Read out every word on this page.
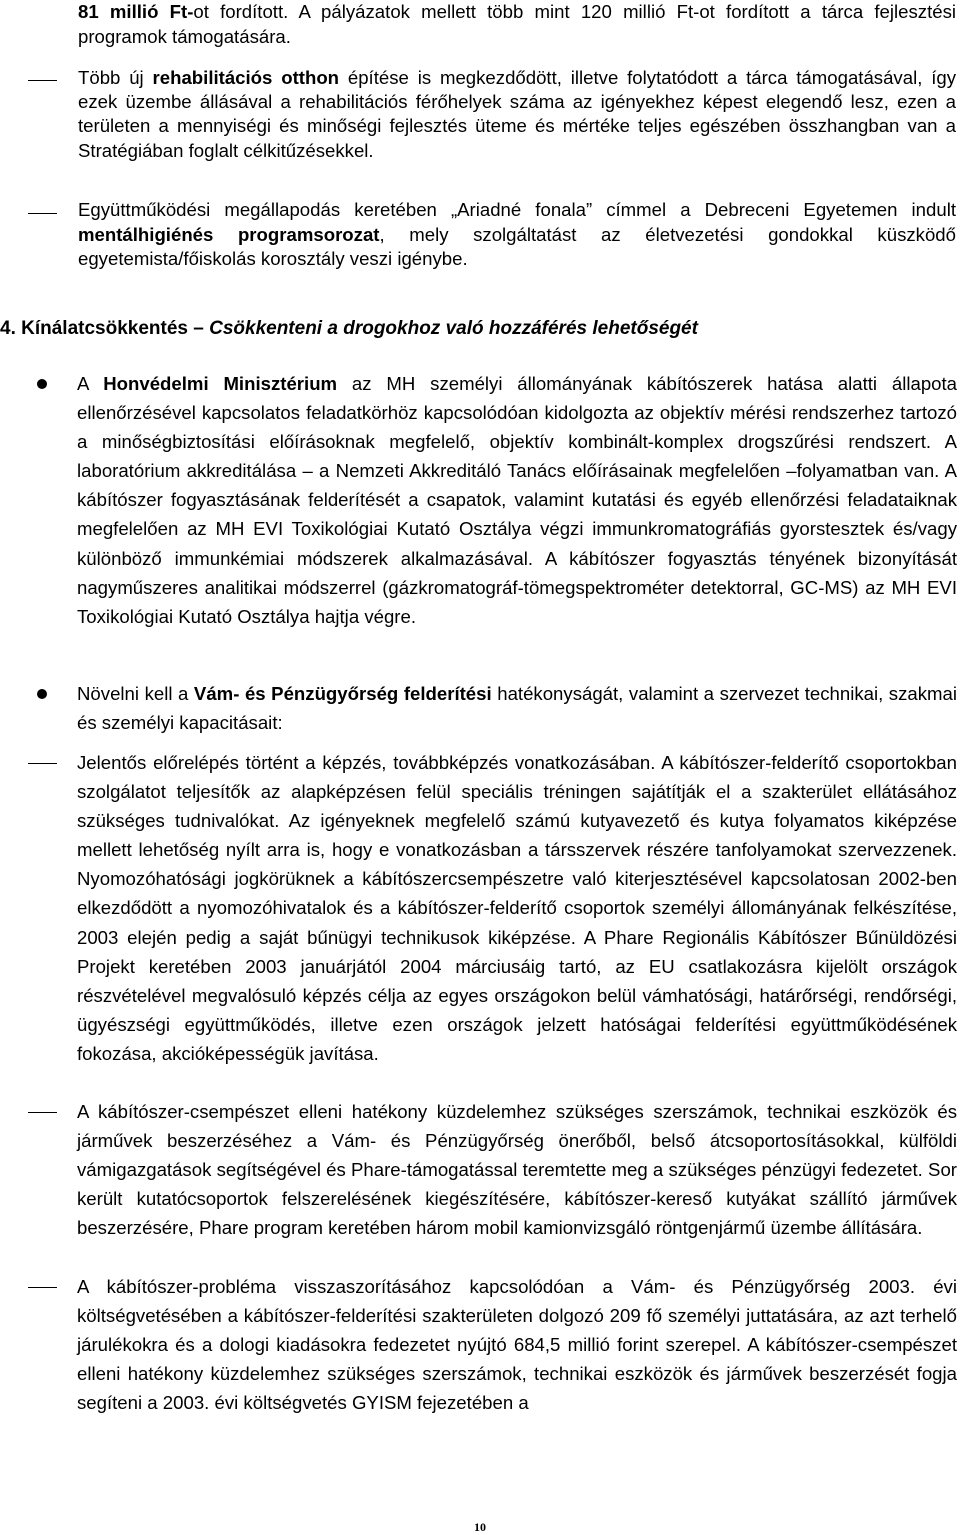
81 millió Ft-ot fordított. A pályázatok mellett több mint 120 millió Ft-ot fordított a tárca fejlesztési programok támogatására.
Több új rehabilitációs otthon építése is megkezdődött, illetve folytatódott a tárca támogatásával, így ezek üzembe állásával a rehabilitációs férőhelyek száma az igényekhez képest elegendő lesz, ezen a területen a mennyiségi és minőségi fejlesztés üteme és mértéke teljes egészében összhangban van a Stratégiában foglalt célkitűzésekkel.
Együttműködési megállapodás keretében „Ariadné fonala” címmel a Debreceni Egyetemen indult mentálhigiénés programsorozat, mely szolgáltatást az életvezetési gondokkal küszködő egyetemista/főiskolás korosztály veszi igénybe.
4. Kínálatcsökkentés – Csökkenteni a drogokhoz való hozzáférés lehetőségét
A Honvédelmi Minisztérium az MH személyi állományának kábítószerek hatása alatti állapota ellenőrzésével kapcsolatos feladatkörhöz kapcsolódóan kidolgozta az objektív mérési rendszerhez tartozó a minőségbiztosítási előírásoknak megfelelő, objektív kombinált-komplex drogszűrési rendszert. A laboratórium akkreditálása – a Nemzeti Akkreditáló Tanács előírásainak megfelelően –folyamatban van. A kábítószer fogyasztásának felderítését a csapatok, valamint kutatási és egyéb ellenőrzési feladataiknak megfelelően az MH EVI Toxikológiai Kutató Osztálya végzi immunkromatográfiás gyorstesztek és/vagy különböző immunkémiai módszerek alkalmazásával. A kábítószer fogyasztás tényének bizonyítását nagyműszeres analitikai módszerrel (gázkromatográf-tömegspektrométer detektorral, GC-MS) az MH EVI Toxikológiai Kutató Osztálya hajtja végre.
Növelni kell a Vám- és Pénzügyőrség felderítési hatékonyságát, valamint a szervezet technikai, szakmai és személyi kapacitásait:
Jelentős előrelépés történt a képzés, továbbképzés vonatkozásában. A kábítószer-felderítő csoportokban szolgálatot teljesítők az alapképzésen felül speciális tréningen sajátítják el a szakterület ellátásához szükséges tudnivalókat. Az igényeknek megfelelő számú kutyavezető és kutya folyamatos kiképzése mellett lehetőség nyílt arra is, hogy e vonatkozásban a társszervek részére tanfolyamokat szervezzenek. Nyomozóhatósági jogkörüknek a kábítószercsempészetre való kiterjesztésével kapcsolatosan 2002-ben elkezdődött a nyomozóhivatalok és a kábítószer-felderítő csoportok személyi állományának felkészítése, 2003 elején pedig a saját bűnügyi technikusok kiképzése. A Phare Regionális Kábítószer Bűnüldözési Projekt keretében 2003 januárjától 2004 márciusáig tartó, az EU csatlakozásra kijelölt országok részvételével megvalósuló képzés célja az egyes országokon belül vámhatósági, határőrségi, rendőrségi, ügyészségi együttműködés, illetve ezen országok jelzett hatóságai felderítési együttműködésének fokozása, akcióképességük javítása.
A kábítószer-csempészet elleni hatékony küzdelemhez szükséges szerszámok, technikai eszközök és járművek beszerzéséhez a Vám- és Pénzügyőrség önerőből, belső átcsoportosításokkal, külföldi vámigazgatások segítségével és Phare-támogatással teremtette meg a szükséges pénzügyi fedezetet. Sor került kutatócsoportok felszerelésének kiegészítésére, kábítószer-kereső kutyákat szállító járművek beszerzésére, Phare program keretében három mobil kamionvizsgáló röntgenjármű üzembe állítására.
A kábítószer-probléma visszaszorításához kapcsolódóan a Vám- és Pénzügyőrség 2003. évi költségvetésében a kábítószer-felderítési szakterületen dolgozó 209 fő személyi juttatására, az azt terhelő járulékokra és a dologi kiadásokra fedezetet nyújtó 684,5 millió forint szerepel. A kábítószer-csempészet elleni hatékony küzdelemhez szükséges szerszámok, technikai eszközök és járművek beszerzését fogja segíteni a 2003. évi költségvetés GYISM fejezetében a
10
